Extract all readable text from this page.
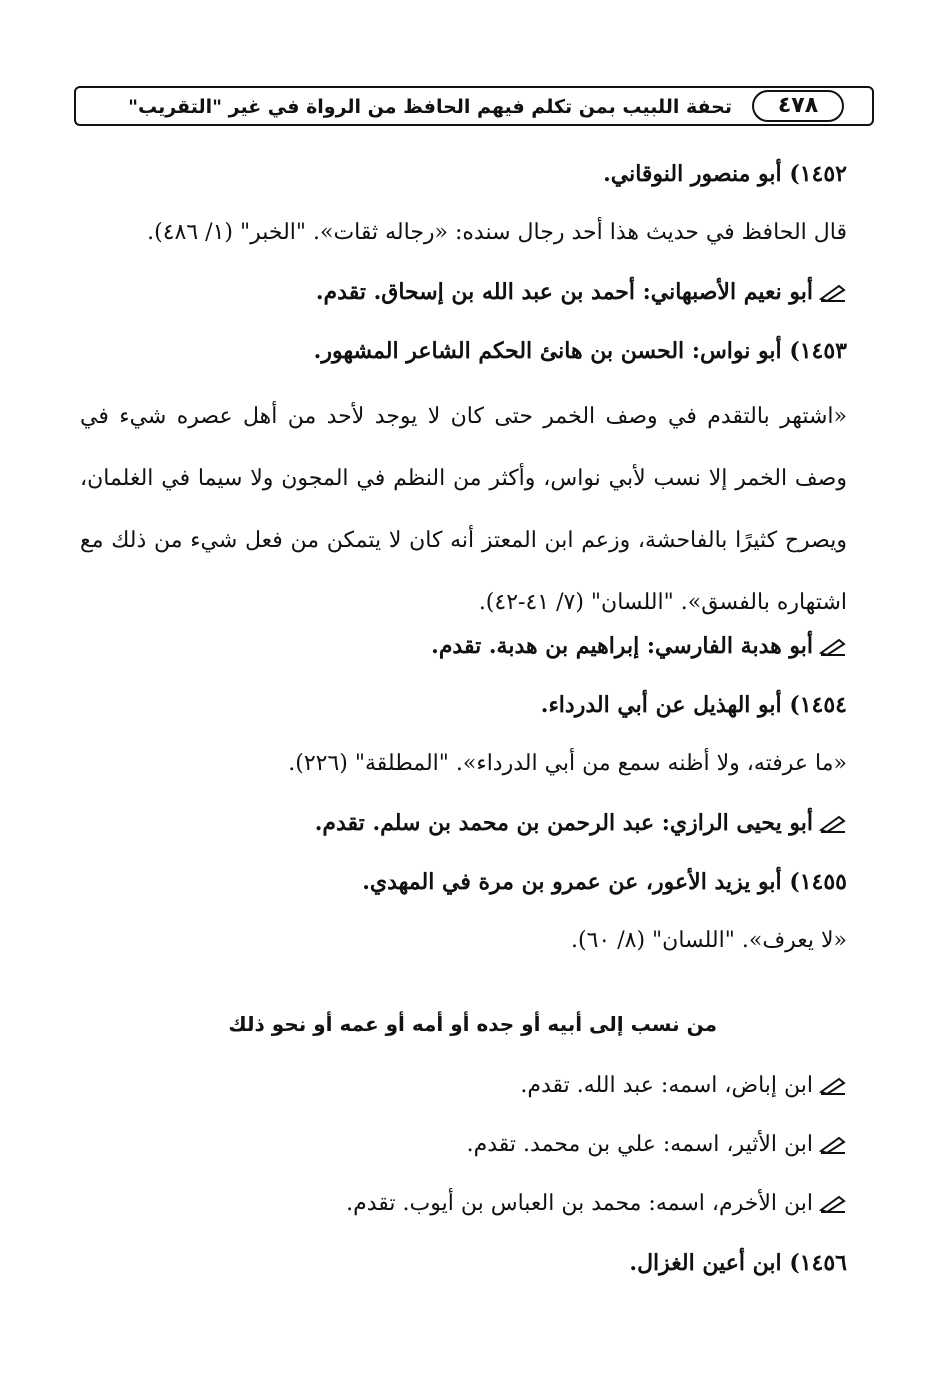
٤٧٨
تحفة اللبيب بمن تكلم فيهم الحافظ من الرواة في غير "التقريب"
١٤٥٢) أبو منصور النوقاني.
قال الحافظ في حديث هذا أحد رجال سنده: «رجاله ثقات». "الخبر" (١/ ٤٨٦).
أبو نعيم الأصبهاني: أحمد بن عبد الله بن إسحاق. تقدم.
١٤٥٣) أبو نواس: الحسن بن هانئ الحكم الشاعر المشهور.
«اشتهر بالتقدم في وصف الخمر حتى كان لا يوجد لأحد من أهل عصره شيء في وصف الخمر إلا نسب لأبي نواس، وأكثر من النظم في المجون ولا سيما في الغلمان، ويصرح كثيرًا بالفاحشة، وزعم ابن المعتز أنه كان لا يتمكن من فعل شيء من ذلك مع اشتهاره بالفسق». "اللسان" (٧/ ٤١-٤٢).
أبو هدبة الفارسي: إبراهيم بن هدبة. تقدم.
١٤٥٤) أبو الهذيل عن أبي الدرداء.
«ما عرفته، ولا أظنه سمع من أبي الدرداء». "المطلقة" (٢٢٦).
أبو يحيى الرازي: عبد الرحمن بن محمد بن سلم. تقدم.
١٤٥٥) أبو يزيد الأعور، عن عمرو بن مرة في المهدي.
«لا يعرف». "اللسان" (٨/ ٦٠).
من نسب إلى أبيه أو جده أو أمه أو عمه أو نحو ذلك
ابن إباض، اسمه: عبد الله. تقدم.
ابن الأثير، اسمه: علي بن محمد. تقدم.
ابن الأخرم، اسمه: محمد بن العباس بن أيوب. تقدم.
١٤٥٦) ابن أعين الغزال.
